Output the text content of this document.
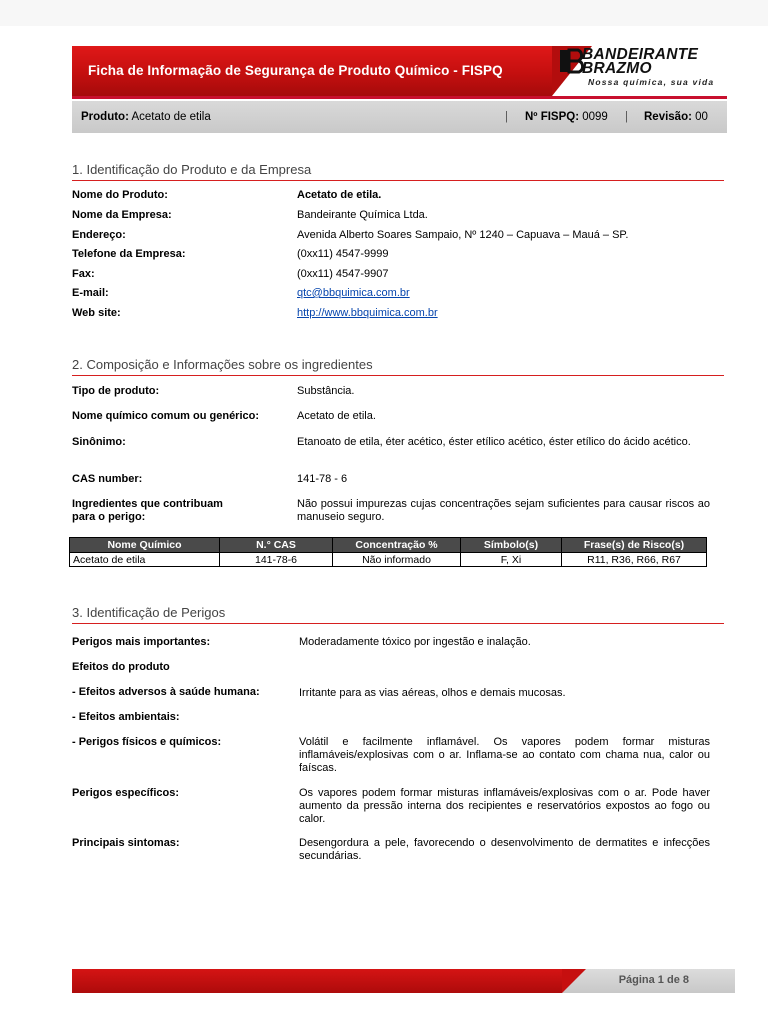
Ficha de Informação de Segurança de Produto Químico - FISPQ
BANDEIRANTE
BRAZMO
Nossa química, sua vida
Produto: Acetato de etila	| Nº FISPQ: 0099 | Revisão: 00
1. Identificação do Produto e da Empresa
Nome do Produto:	Acetato de etila.
Nome da Empresa:	Bandeirante Química Ltda.
Endereço:	Avenida Alberto Soares Sampaio, Nº 1240 – Capuava – Mauá – SP.
Telefone da Empresa:	(0xx11) 4547-9999
Fax:	(0xx11) 4547-9907
E-mail:	qtc@bbquimica.com.br
Web site:	http://www.bbquimica.com.br
2. Composição e Informações sobre os ingredientes
Tipo de produto:	Substância.
Nome químico comum ou genérico:	Acetato de etila.
Sinônimo:	Etanoato de etila, éter acético, éster etílico acético, éster etílico do ácido acético.
CAS number:	141-78 - 6
Ingredientes que contribuam para o perigo:
Não possui impurezas cujas concentrações sejam suficientes para causar riscos ao manuseio seguro.
Nome Químico	N.° CAS	Concentração %	Símbolo(s)	Frase(s) de Risco(s)
Acetato de etila	141-78-6	Não informado	F, Xi	R11, R36, R66, R67
3. Identificação de Perigos
Perigos mais importantes:	Moderadamente tóxico por ingestão e inalação.
Efeitos do produto
- Efeitos adversos à saúde humana:	Irritante para as vias aéreas, olhos e demais mucosas.
- Efeitos ambientais:
- Perigos físicos e químicos:	Volátil e facilmente inflamável. Os vapores podem formar misturas inflamáveis/explosivas com o ar. Inflama-se ao contato com chama nua, calor ou faíscas.
Perigos específicos:	Os vapores podem formar misturas inflamáveis/explosivas com o ar. Pode haver aumento da pressão interna dos recipientes e reservatórios expostos ao fogo ou calor.
Principais sintomas:	Desengordura a pele, favorecendo o desenvolvimento de dermatites e infecções secundárias.
Página 1 de 8
